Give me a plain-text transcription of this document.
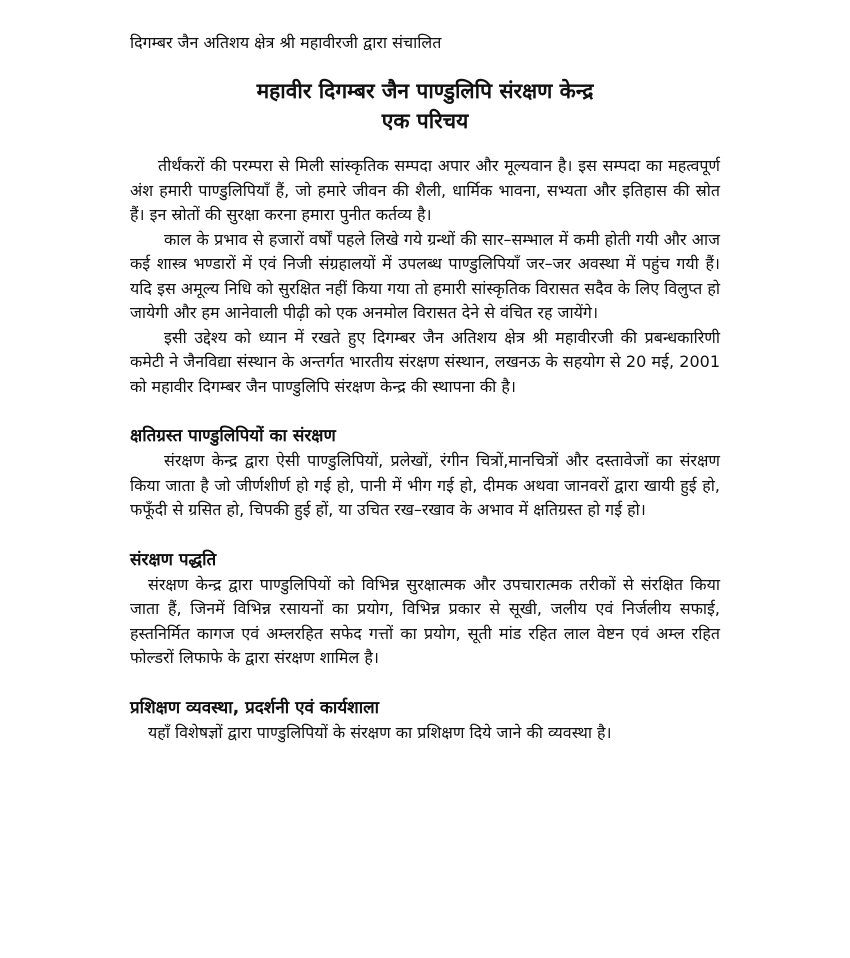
दिगम्बर जैन अतिशय क्षेत्र श्री महावीरजी द्वारा संचालित

महावीर दिगम्बर जैन पाण्डुलिपि संरक्षण केन्द्र
एक परिचय

तीर्थंकरों की परम्परा से मिली सांस्कृतिक सम्पदा अपार और मूल्यवान है। इस सम्पदा का महत्वपूर्ण अंश हमारी पाण्डुलिपियाँ हैं, जो हमारे जीवन की शैली, धार्मिक भावना, सभ्यता और इतिहास की स्रोत हैं। इन स्रोतों की सुरक्षा करना हमारा पुनीत कर्तव्य है।

काल के प्रभाव से हजारों वर्षों पहले लिखे गये ग्रन्थों की सार–सम्भाल में कमी होती गयी और आज कई शास्त्र भण्डारों में एवं निजी संग्रहालयों में उपलब्ध पाण्डुलिपियाँ जर–जर अवस्था में पहुंच गयी हैं। यदि इस अमूल्य निधि को सुरक्षित नहीं किया गया तो हमारी सांस्कृतिक विरासत सदैव के लिए विलुप्त हो जायेगी और हम आनेवाली पीढ़ी को एक अनमोल विरासत देने से वंचित रह जायेंगे।

इसी उद्देश्य को ध्यान में रखते हुए दिगम्बर जैन अतिशय क्षेत्र श्री महावीरजी की प्रबन्धकारिणी कमेटी ने जैनविद्या संस्थान के अन्तर्गत भारतीय संरक्षण संस्थान, लखनऊ के सहयोग से 20 मई, 2001 को महावीर दिगम्बर जैन पाण्डुलिपि संरक्षण केन्द्र की स्थापना की है।

क्षतिग्रस्त पाण्डुलिपियों का संरक्षण

संरक्षण केन्द्र द्वारा ऐसी पाण्डुलिपियों, प्रलेखों, रंगीन चित्रों,मानचित्रों और दस्तावेजों का संरक्षण किया जाता है जो जीर्णशीर्ण हो गई हो, पानी में भीग गई हो, दीमक अथवा जानवरों द्वारा खायी हुई हो, फफूँदी से ग्रसित हो, चिपकी हुई हों, या उचित रख–रखाव के अभाव में क्षतिग्रस्त हो गई हो।

संरक्षण पद्धति

संरक्षण केन्द्र द्वारा पाण्डुलिपियों को विभिन्न सुरक्षात्मक और उपचारात्मक तरीकों से संरक्षित किया जाता हैं, जिनमें विभिन्न रसायनों का प्रयोग, विभिन्न प्रकार से सूखी, जलीय एवं निर्जलीय सफाई, हस्तनिर्मित कागज एवं अम्लरहित सफेद गत्तों का प्रयोग, सूती मांड रहित लाल वेष्टन एवं अम्ल रहित फोल्डरों लिफाफे के द्वारा संरक्षण शामिल है।

प्रशिक्षण व्यवस्था, प्रदर्शनी एवं कार्यशाला

यहाँ विशेषज्ञों द्वारा पाण्डुलिपियों के संरक्षण का प्रशिक्षण दिये जाने की व्यवस्था है।
